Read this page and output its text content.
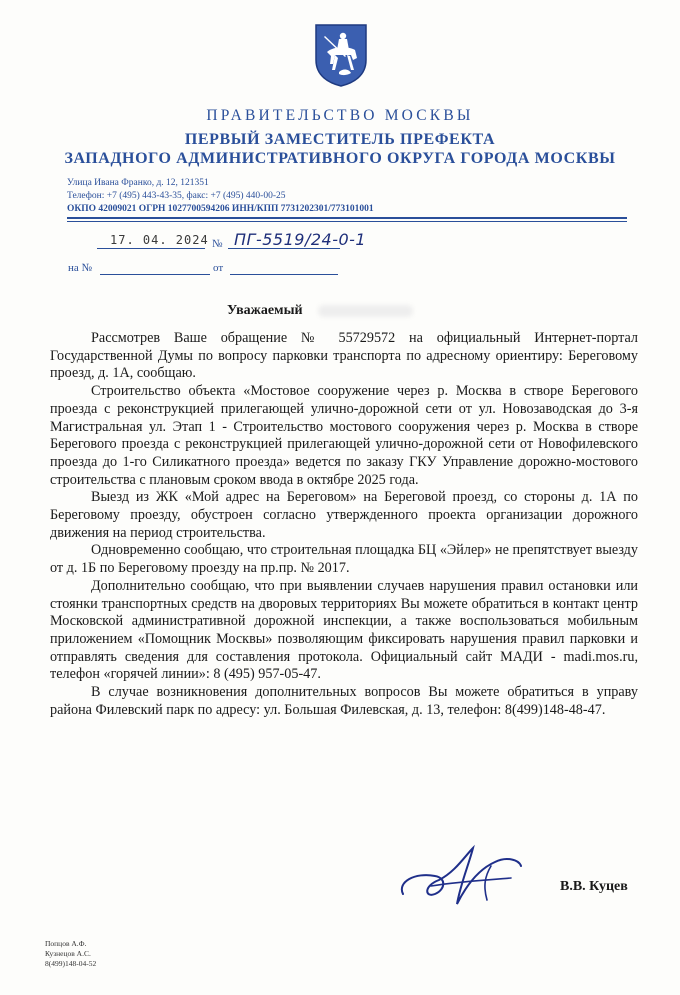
ПРАВИТЕЛЬСТВО МОСКВЫ
ПЕРВЫЙ ЗАМЕСТИТЕЛЬ ПРЕФЕКТА
ЗАПАДНОГО АДМИНИСТРАТИВНОГО ОКРУГА ГОРОДА МОСКВЫ
Улица Ивана Франко, д. 12, 121351
Телефон: +7 (495) 443-43-35, факс: +7 (495) 440-00-25
ОКПО 42009021 ОГРН 1027700594206 ИНН/КПП 7731202301/773101001
17. 04. 2024 № ПГ-5519/24-0-1
на №	от
Уважаемый

Рассмотрев Ваше обращение № 55729572 на официальный Интернет-портал Государственной Думы по вопросу парковки транспорта по адресному ориентиру: Береговому проезд, д. 1А, сообщаю.

Строительство объекта «Мостовое сооружение через р. Москва в створе Берегового проезда с реконструкцией прилегающей улично-дорожной сети от ул. Новозаводская до 3-я Магистральная ул. Этап 1 - Строительство мостового сооружения через р. Москва в створе Берегового проезда с реконструкцией прилегающей улично-дорожной сети от Новофилевского проезда до 1-го Силикатного проезда» ведется по заказу ГКУ Управление дорожно-мостового строительства с плановым сроком ввода в октябре 2025 года.

Выезд из ЖК «Мой адрес на Береговом» на Береговой проезд, со стороны д. 1А по Береговому проезду, обустроен согласно утвержденного проекта организации дорожного движения на период строительства.

Одновременно сообщаю, что строительная площадка БЦ «Эйлер» не препятствует выезду от д. 1Б по Береговому проезду на пр.пр. № 2017.

Дополнительно сообщаю, что при выявлении случаев нарушения правил остановки или стоянки транспортных средств на дворовых территориях Вы можете обратиться в контакт центр Московской административной дорожной инспекции, а также воспользоваться мобильным приложением «Помощник Москвы» позволяющим фиксировать нарушения правил парковки и отправлять сведения для составления протокола. Официальный сайт МАДИ - madi.mos.ru, телефон «горячей линии»: 8 (495) 957-05-47.

В случае возникновения дополнительных вопросов Вы можете обратиться в управу района Филевский парк по адресу: ул. Большая Филевская, д. 13, телефон: 8(499)148-48-47.

В.В. Куцев
Попцов А.Ф.
Кузнецов А.С.
8(499)148-04-52
